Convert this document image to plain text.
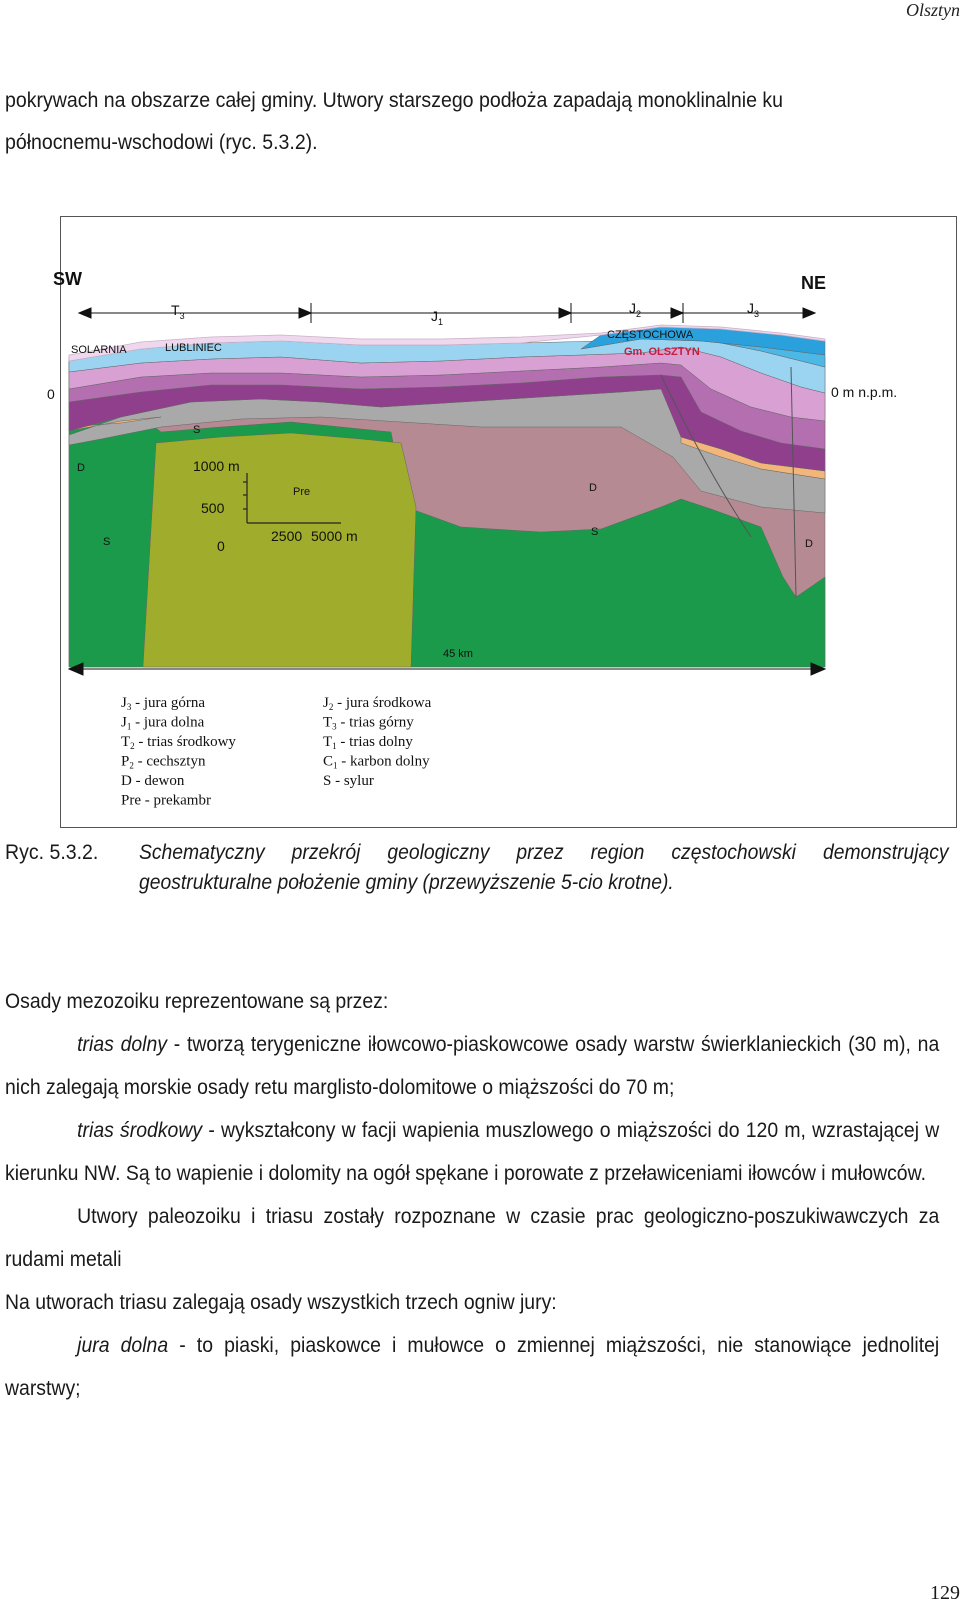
Olsztyn

pokrywach na obszarze całej gminy. Utwory starszego podłoża zapadają monoklinalnie ku północnemu-wschodowi (ryc. 5.3.2).

SW	NE
$T_3$	$J_1$
$J_2$	$J_3$
SOLARNIA	LUBLINIEC
CZĘSTOCHOWA
Gm. OLSZTYN
0	0 m n.p.m.
Pre
1000 m
500
0
2500 5000 m
D
D
D
S
S
S
45 km
$J_3$ - jura górna
$J_1$ - jura dolna
$T_2$ - trias środkowy
$P_2$ - cechsztyn
D - dewon
Pre - prekambr
$J_2$ - jura środkowa
$T_3$ - trias górny
$T_1$ - trias dolny
$C_1$ - karbon dolny
S - sylur
Ryc. 5.3.2. Schematyczny przekrój geologiczny przez region częstochowski demonstrujący geostrukturalne położenie gminy (przewyższenie 5-cio krotne).

Osady mezozoiku reprezentowane są przez:

trias dolny - tworzą terygeniczne iłowcowo-piaskowcowe osady warstw świerklanieckich (30 m), na nich zalegają morskie osady retu marglisto-dolomitowe o miąższości do 70 m;

trias środkowy - wykształcony w facji wapienia muszlowego o miąższości do 120 m, wzrastającej w kierunku NW. Są to wapienie i dolomity na ogół spękane i porowate z przeławiceniami iłowców i mułowców.

Utwory paleozoiku i triasu zostały rozpoznane w czasie prac geologiczno-poszukiwawczych za rudami metali

Na utworach triasu zalegają osady wszystkich trzech ogniw jury:

jura dolna - to piaski, piaskowce i mułowce o zmiennej miąższości, nie stanowiące jednolitej warstwy;

129
